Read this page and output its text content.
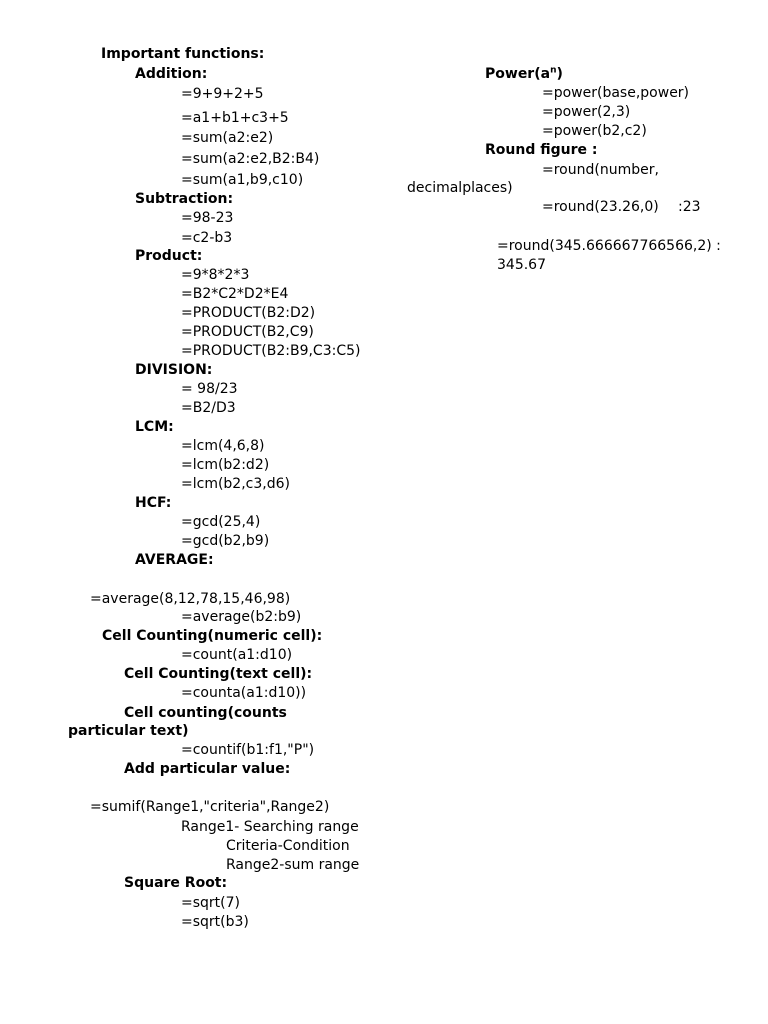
Important functions:
Addition:
=9+9+2+5
=a1+b1+c3+5
=sum(a2:e2)
=sum(a2:e2,B2:B4)
=sum(a1,b9,c10)
Subtraction:
=98-23
=c2-b3
Product:
=9*8*2*3
=B2*C2*D2*E4
=PRODUCT(B2:D2)
=PRODUCT(B2,C9)
=PRODUCT(B2:B9,C3:C5)
DIVISION:
= 98/23
=B2/D3
LCM:
=lcm(4,6,8)
=lcm(b2:d2)
=lcm(b2,c3,d6)
HCF:
=gcd(25,4)
=gcd(b2,b9)
AVERAGE:
=average(8,12,78,15,46,98)
=average(b2:b9)
Cell Counting(numeric cell):
=count(a1:d10)
Cell Counting(text cell):
=counta(a1:d10))
Cell counting(counts
particular text)
=countif(b1:f1,"P")
Add particular value:
=sumif(Range1,"criteria",Range2)
Range1- Searching range
Criteria-Condition
Range2-sum range
Square Root:
=sqrt(7)
=sqrt(b3)
$Power(a^n)$
=power(base,power)
=power(2,3)
=power(b2,c2)
Round figure :
=round(number,
decimalplaces)
=round(23.26,0) :23
=round(345.666667766566,2) :
345.67
